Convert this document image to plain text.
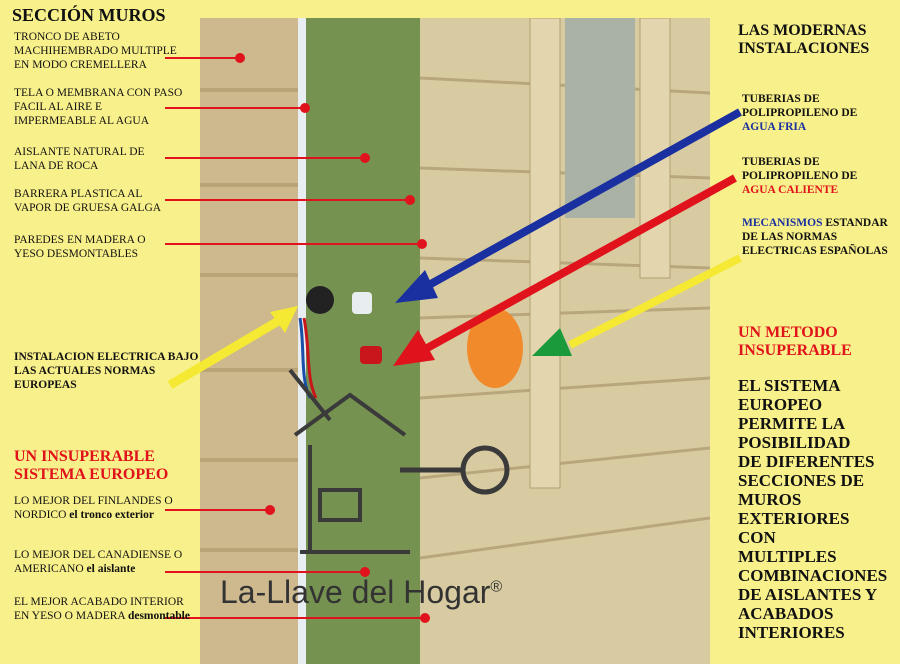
SECCIÓN MUROS
TRONCO DE ABETO MACHIHEMBRADO MULTIPLE EN MODO CREMELLERA
TELA O MEMBRANA CON PASO FACIL AL AIRE E IMPERMEABLE AL AGUA
AISLANTE NATURAL DE LANA DE ROCA
BARRERA PLASTICA AL VAPOR DE GRUESA GALGA
PAREDES EN MADERA O YESO DESMONTABLES
INSTALACION ELECTRICA BAJO LAS ACTUALES NORMAS EUROPEAS
UN INSUPERABLE SISTEMA EUROPEO
LO MEJOR DEL FINLANDES O NORDICO el tronco exterior
LO MEJOR DEL CANADIENSE O AMERICANO el aislante
EL MEJOR ACABADO INTERIOR EN YESO O MADERA desmontable
LAS MODERNAS INSTALACIONES
TUBERIAS DE POLIPROPILENO DE AGUA FRIA
TUBERIAS DE POLIPROPILENO DE AGUA CALIENTE
MECANISMOS ESTANDAR DE LAS NORMAS ELECTRICAS ESPAÑOLAS
UN METODO INSUPERABLE
EL SISTEMA EUROPEO PERMITE LA POSIBILIDAD DE DIFERENTES SECCIONES DE MUROS EXTERIORES CON MULTIPLES COMBINACIONES DE AISLANTES Y ACABADOS INTERIORES
La-Llave del Hogar®
